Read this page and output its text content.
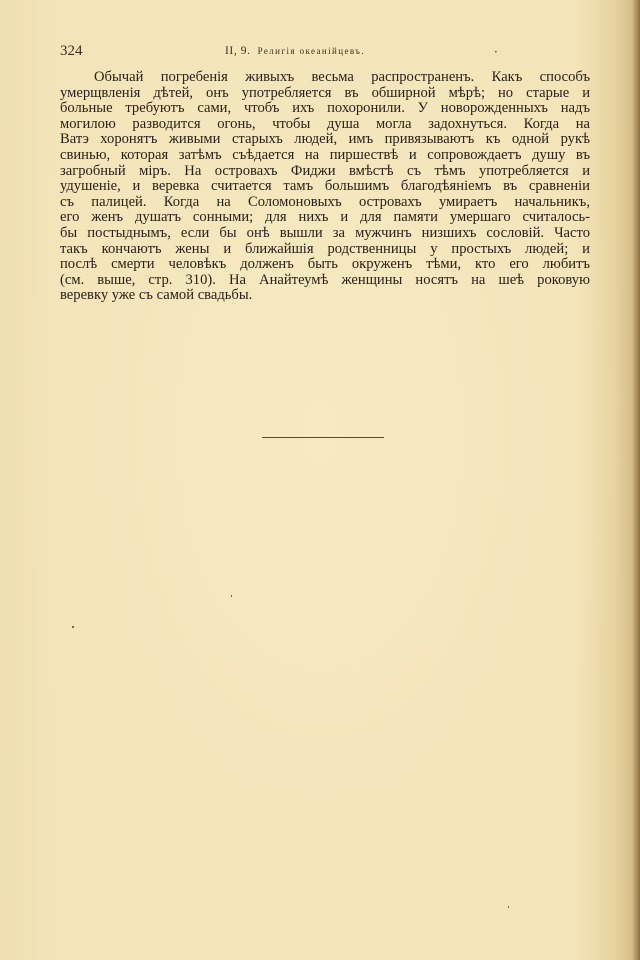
324	II, 9. Религія океанійцевъ.	·
Обычай погребенія живыхъ весьма распространенъ. Какъ способъ
умерщвленія дѣтей, онъ употребляется въ обширной мѣрѣ; но старые и
больные требуютъ сами, чтобъ ихъ похоронили. У новорожденныхъ надъ
могилою разводится огонь, чтобы душа могла задохнуться. Когда на
Ватэ хоронятъ живыми старыхъ людей, имъ привязываютъ къ одной рукѣ
свинью, которая затѣмъ съѣдается на пиршествѣ и сопровождаетъ душу въ
загробный міръ. На островахъ Фиджи вмѣстѣ съ тѣмъ употребляется и
удушеніе, и веревка считается тамъ большимъ благодѣяніемъ въ сравненіи
съ палицей. Когда на Соломоновыхъ островахъ умираетъ начальникъ,
его женъ душатъ сонными; для нихъ и для памяти умершаго считалось-
бы постыднымъ, если бы онѣ вышли за мужчинъ низшихъ сословій. Часто
такъ кончаютъ жены и ближайшія родственницы у простыхъ людей; и
послѣ смерти человѣкъ долженъ быть окруженъ тѣми, кто его любитъ
(см. выше, стр. 310). На Анайтеумѣ женщины носятъ на шеѣ роковую
веревку уже съ самой свадьбы.
